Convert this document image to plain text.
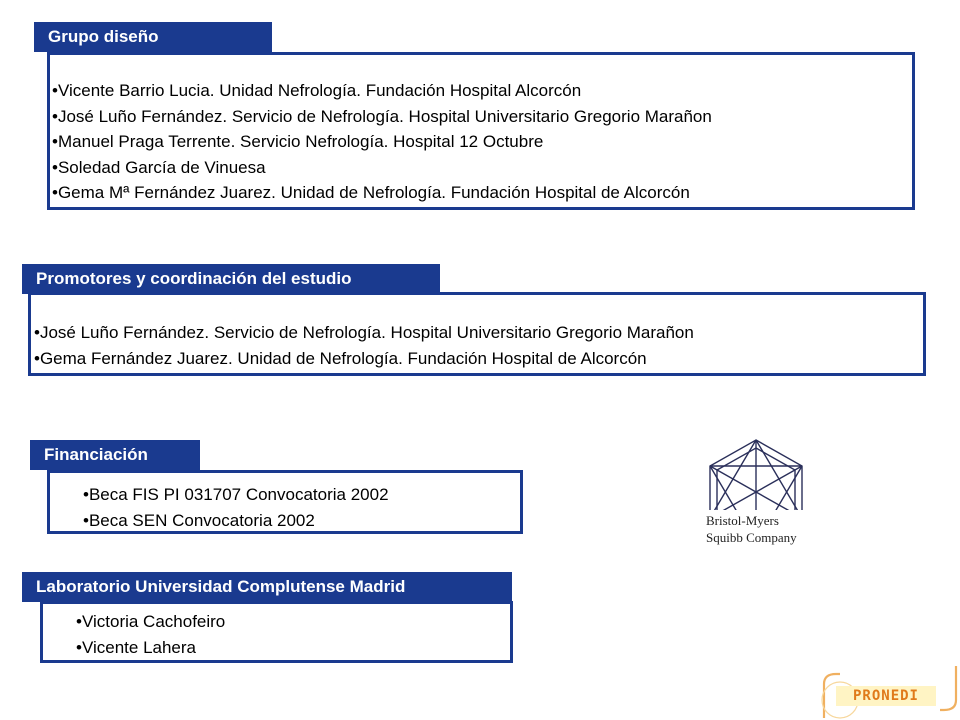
Grupo diseño
• Vicente Barrio Lucia. Unidad Nefrología. Fundación Hospital Alcorcón
• José Luño Fernández. Servicio de Nefrología. Hospital Universitario Gregorio Marañon
• Manuel Praga Terrente. Servicio Nefrología. Hospital 12 Octubre
• Soledad García de Vinuesa
• Gema Mª Fernández Juarez. Unidad de Nefrología. Fundación Hospital de Alcorcón
Promotores y coordinación del estudio
• José Luño Fernández. Servicio de Nefrología. Hospital Universitario Gregorio Marañon
• Gema Fernández Juarez. Unidad de Nefrología. Fundación Hospital de Alcorcón
Financiación
• Beca FIS PI 031707 Convocatoria 2002
• Beca SEN Convocatoria 2002	Bristol-Myers
Squibb Company
Laboratorio Universidad Complutense Madrid
• Victoria Cachofeiro
• Vicente Lahera
PRONEDI
